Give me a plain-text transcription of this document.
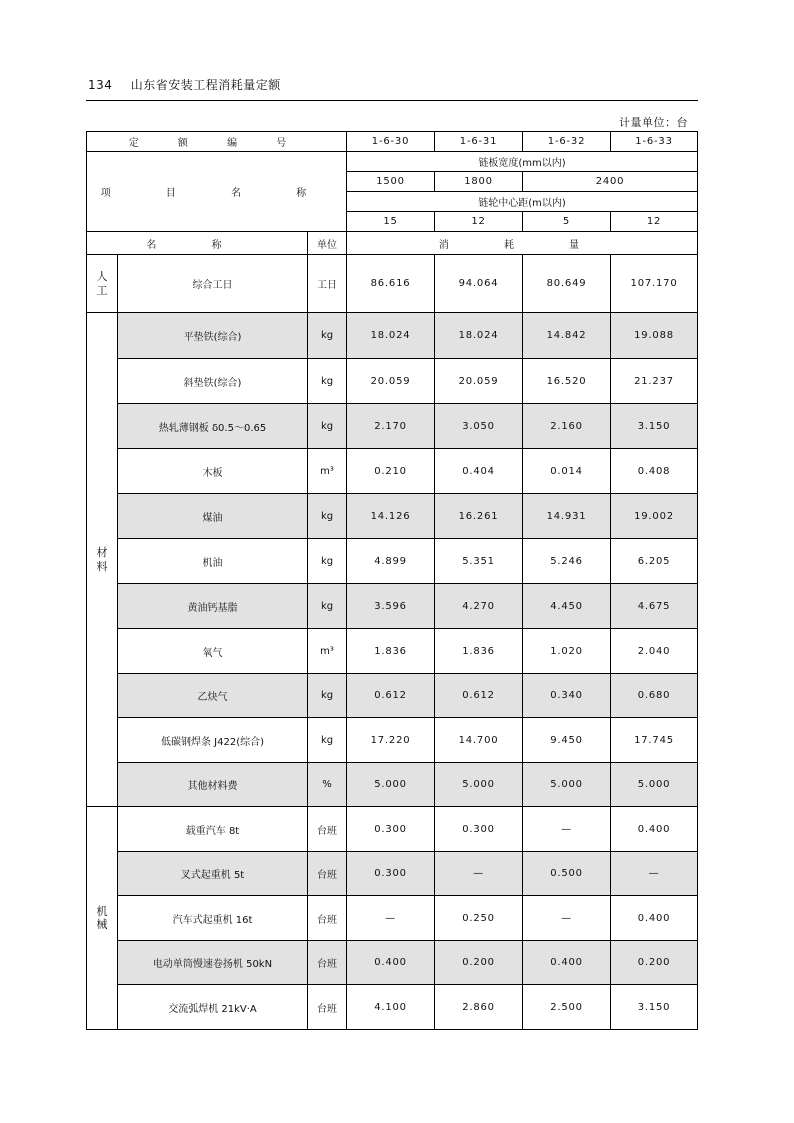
134 山东省安装工程消耗量定额
计量单位：台
定 额 编 号			1-6-30	1-6-31	1-6-32	1-6-33
项 目 名 称			链板宽度(mm以内)			
			1500	1800	2400	
			链轮中心距(m以内)			
			15	12	5	12
名 称		单位	消 耗 量			

人
工	综合工日	工日	86.616	94.064	80.649	107.170

材
料	平垫铁(综合)	kg	18.024	18.024	14.842	19.088
	斜垫铁(综合)	kg	20.059	20.059	16.520	21.237
	热轧薄钢板 δ0.5～0.65	kg	2.170	3.050	2.160	3.150
	木板	m³	0.210	0.404	0.014	0.408
	煤油	kg	14.126	16.261	14.931	19.002
	机油	kg	4.899	5.351	5.246	6.205
	黄油钙基脂	kg	3.596	4.270	4.450	4.675
	氧气	m³	1.836	1.836	1.020	2.040
	乙炔气	kg	0.612	0.612	0.340	0.680
	低碳钢焊条 J422(综合)	kg	17.220	14.700	9.450	17.745
	其他材料费	%	5.000	5.000	5.000	5.000

机
械	载重汽车 8t	台班	0.300	0.300	—	0.400
	叉式起重机 5t	台班	0.300	—	0.500	—
	汽车式起重机 16t	台班	—	0.250	—	0.400
	电动单筒慢速卷扬机 50kN	台班	0.400	0.200	0.400	0.200
	交流弧焊机 21kV·A	台班	4.100	2.860	2.500	3.150
